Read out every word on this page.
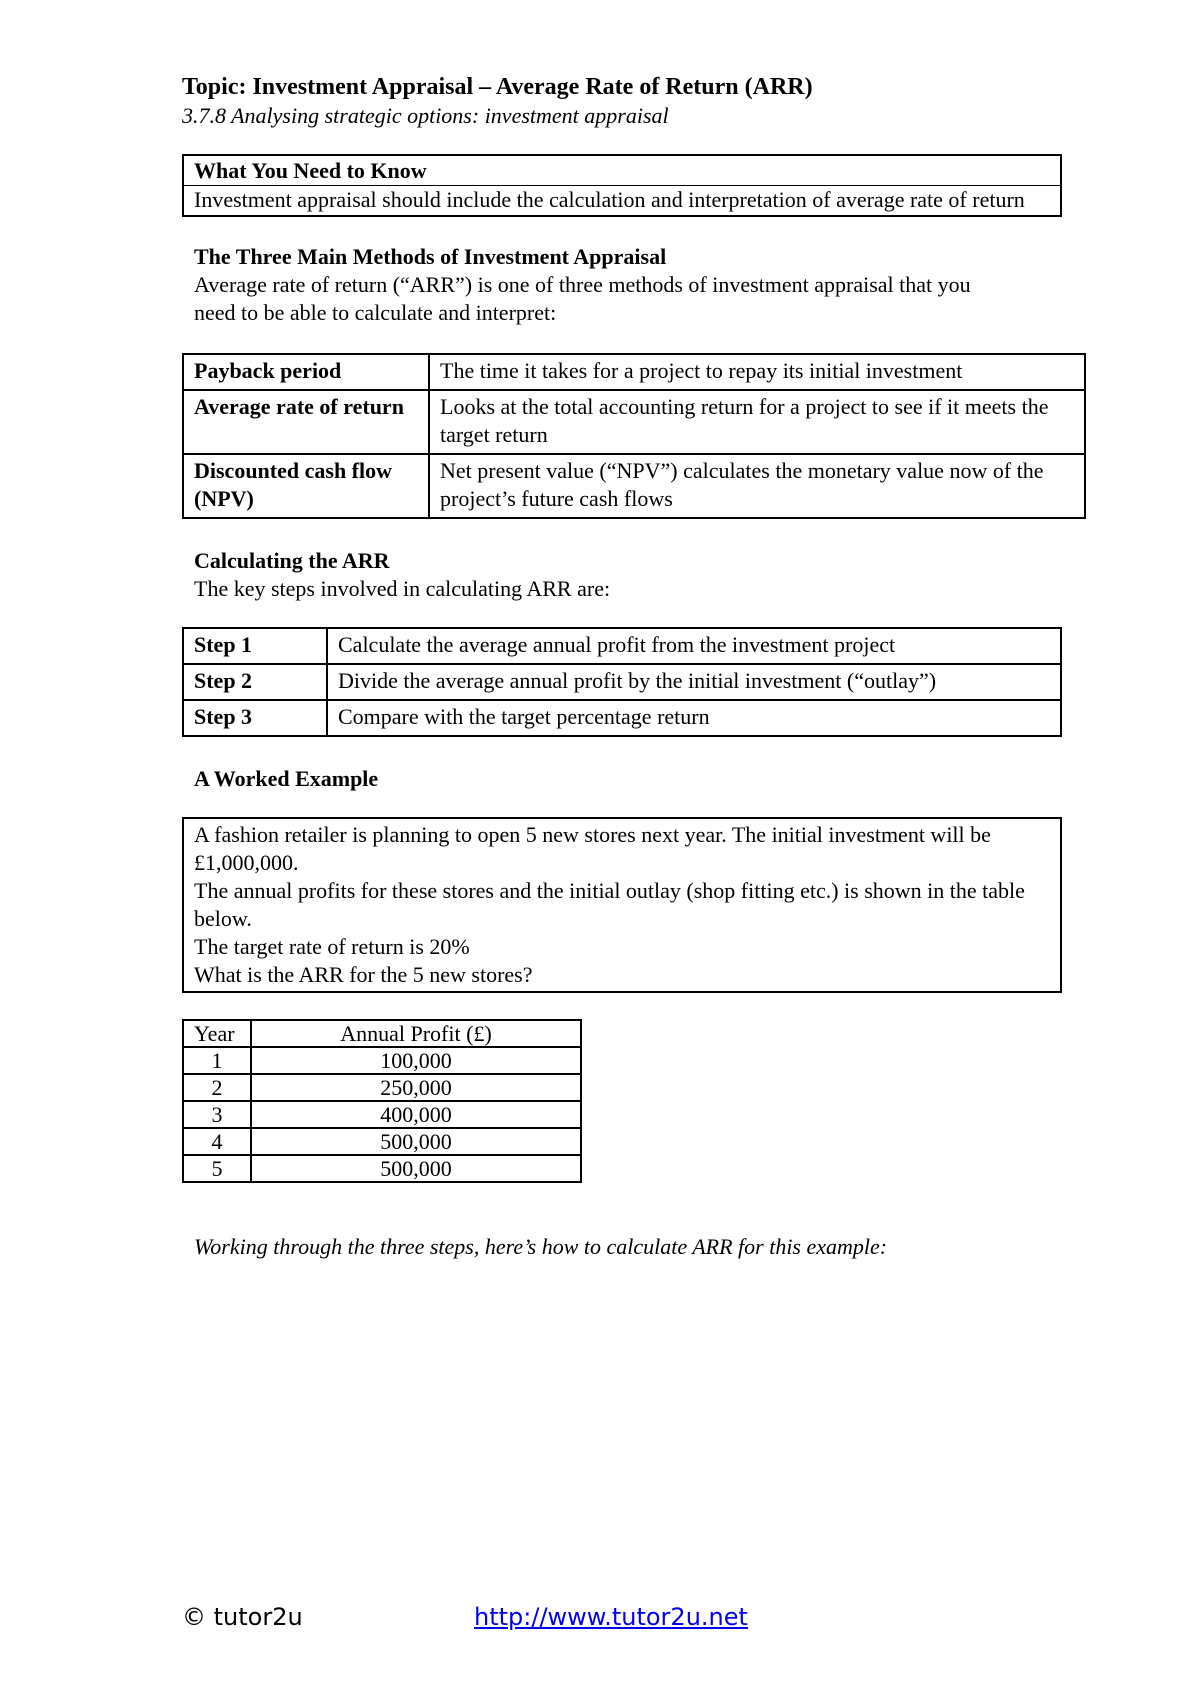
Topic: Investment Appraisal – Average Rate of Return (ARR)

3.7.8 Analysing strategic options: investment appraisal

What You Need to Know
Investment appraisal should include the calculation and interpretation of average rate of return

The Three Main Methods of Investment Appraisal

Average rate of return (“ARR”) is one of three methods of investment appraisal that you need to be able to calculate and interpret:

Payback period	The time it takes for a project to repay its initial investment
Average rate of return	Looks at the total accounting return for a project to see if it meets the target return
Discounted cash flow (NPV)	Net present value (“NPV”) calculates the monetary value now of the project’s future cash flows

Calculating the ARR

The key steps involved in calculating ARR are:

Step 1	Calculate the average annual profit from the investment project
Step 2	Divide the average annual profit by the initial investment (“outlay”)
Step 3	Compare with the target percentage return

A Worked Example

A fashion retailer is planning to open 5 new stores next year. The initial investment will be £1,000,000.
The annual profits for these stores and the initial outlay (shop fitting etc.) is shown in the table below.
The target rate of return is 20%
What is the ARR for the 5 new stores?
Year	Annual Profit (£)
1	100,000
2	250,000
3	400,000
4	500,000
5	500,000

Working through the three steps, here’s how to calculate ARR for this example:

© tutor2u	http://www.tutor2u.net
